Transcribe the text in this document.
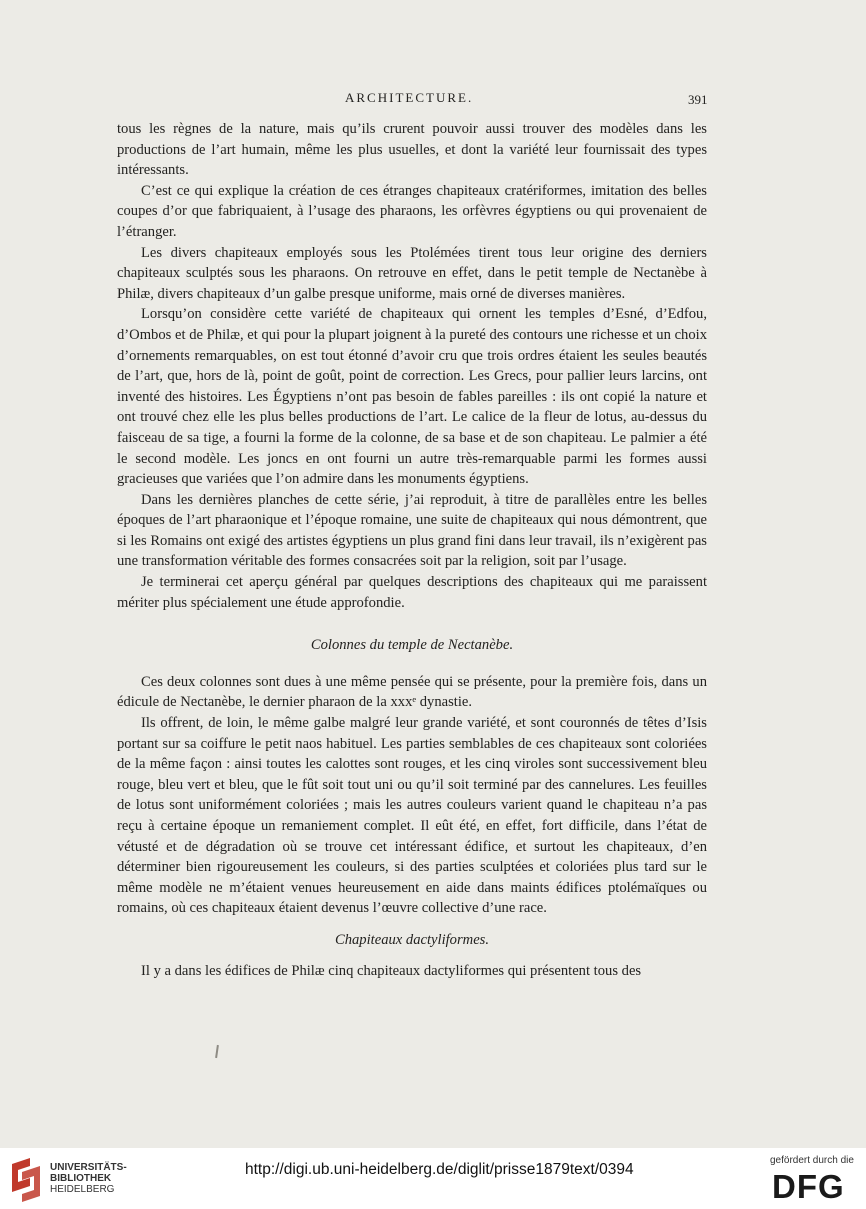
ARCHITECTURE.	391

tous les règnes de la nature, mais qu’ils crurent pouvoir aussi trouver des modèles dans les productions de l’art humain, même les plus usuelles, et dont la variété leur fournissait des types intéressants.

C’est ce qui explique la création de ces étranges chapiteaux cratériformes, imitation des belles coupes d’or que fabriquaient, à l’usage des pharaons, les orfèvres égyptiens ou qui provenaient de l’étranger.

Les divers chapiteaux employés sous les Ptolémées tirent tous leur origine des derniers chapiteaux sculptés sous les pharaons. On retrouve en effet, dans le petit temple de Nectanèbe à Philæ, divers chapiteaux d’un galbe presque uniforme, mais orné de diverses manières.

Lorsqu’on considère cette variété de chapiteaux qui ornent les temples d’Esné, d’Edfou, d’Ombos et de Philæ, et qui pour la plupart joignent à la pureté des contours une richesse et un choix d’ornements remarquables, on est tout étonné d’avoir cru que trois ordres étaient les seules beautés de l’art, que, hors de là, point de goût, point de correction. Les Grecs, pour pallier leurs larcins, ont inventé des histoires. Les Égyptiens n’ont pas besoin de fables pareilles : ils ont copié la nature et ont trouvé chez elle les plus belles productions de l’art. Le calice de la fleur de lotus, au-dessus du faisceau de sa tige, a fourni la forme de la colonne, de sa base et de son chapiteau. Le palmier a été le second modèle. Les joncs en ont fourni un autre très-remarquable parmi les formes aussi gracieuses que variées que l’on admire dans les monuments égyptiens.

Dans les dernières planches de cette série, j’ai reproduit, à titre de parallèles entre les belles époques de l’art pharaonique et l’époque romaine, une suite de chapiteaux qui nous démontrent, que si les Romains ont exigé des artistes égyptiens un plus grand fini dans leur travail, ils n’exigèrent pas une transformation véritable des formes consacrées soit par la religion, soit par l’usage.

Je terminerai cet aperçu général par quelques descriptions des chapiteaux qui me paraissent mériter plus spécialement une étude approfondie.

Colonnes du temple de Nectanèbe.

Ces deux colonnes sont dues à une même pensée qui se présente, pour la première fois, dans un édicule de Nectanèbe, le dernier pharaon de la xxxᵉ dynastie.

Ils offrent, de loin, le même galbe malgré leur grande variété, et sont couronnés de têtes d’Isis portant sur sa coiffure le petit naos habituel. Les parties semblables de ces chapiteaux sont coloriées de la même façon : ainsi toutes les calottes sont rouges, et les cinq viroles sont successivement bleu rouge, bleu vert et bleu, que le fût soit tout uni ou qu’il soit terminé par des cannelures. Les feuilles de lotus sont uniformément coloriées ; mais les autres couleurs varient quand le chapiteau n’a pas reçu à certaine époque un remaniement complet. Il eût été, en effet, fort difficile, dans l’état de vétusté et de dégradation où se trouve cet intéressant édifice, et surtout les chapiteaux, d’en déterminer bien rigoureusement les couleurs, si des parties sculptées et coloriées plus tard sur le même modèle ne m’étaient venues heureusement en aide dans maints édifices ptolémaïques ou romains, où ces chapiteaux étaient devenus l’œuvre collective d’une race.

Chapiteaux dactyliformes.

Il y a dans les édifices de Philæ cinq chapiteaux dactyliformes qui présentent tous des

UNIVERSITÄTS-
BIBLIOTHEK
HEIDELBERG
http://digi.ub.uni-heidelberg.de/diglit/prisse1879text/0394
gefördert durch die
DFG
